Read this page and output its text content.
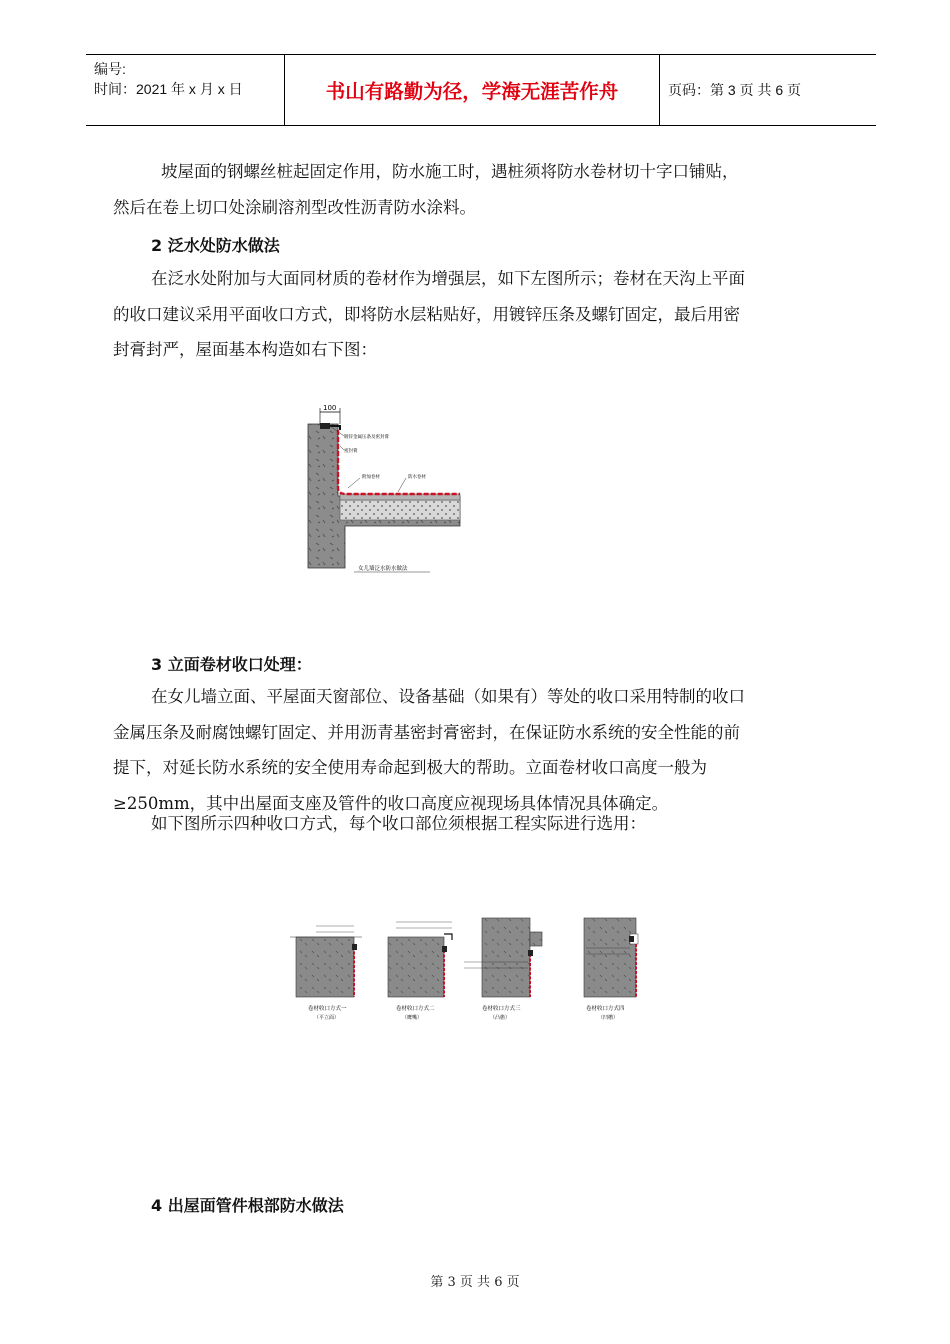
编号:
时间：2021 年 x 月 x 日	书山有路勤为径，学海无涯苦作舟	页码：第 3 页 共 6 页
坡屋面的钢螺丝桩起固定作用，防水施工时，遇桩须将防水卷材切十字口铺贴，
然后在卷上切口处涂刷溶剂型改性沥青防水涂料。
2 泛水处防水做法
在泛水处附加与大面同材质的卷材作为增强层，如下左图所示；卷材在天沟上平面
的收口建议采用平面收口方式，即将防水层粘贴好，用镀锌压条及螺钉固定，最后用密
封膏封严，屋面基本构造如右下图：
100
镀锌金属压条及密封膏
密封膏
附加卷材	防水卷材
女儿墙泛水防水做法
3 立面卷材收口处理：
在女儿墙立面、平屋面天窗部位、设备基础（如果有）等处的收口采用特制的收口
金属压条及耐腐蚀螺钉固定、并用沥青基密封膏密封，在保证防水系统的安全性能的前
提下，对延长防水系统的安全使用寿命起到极大的帮助。立面卷材收口高度一般为
≥250mm，其中出屋面支座及管件的收口高度应视现场具体情况具体确定。
如下图所示四种收口方式，每个收口部位须根据工程实际进行选用：
卷材收口方式一
（平立面）
卷材收口方式二
（鹰嘴）
卷材收口方式三
（凸檐）
卷材收口方式四
（凹槽）
4 出屋面管件根部防水做法
第 3 页 共 6 页
